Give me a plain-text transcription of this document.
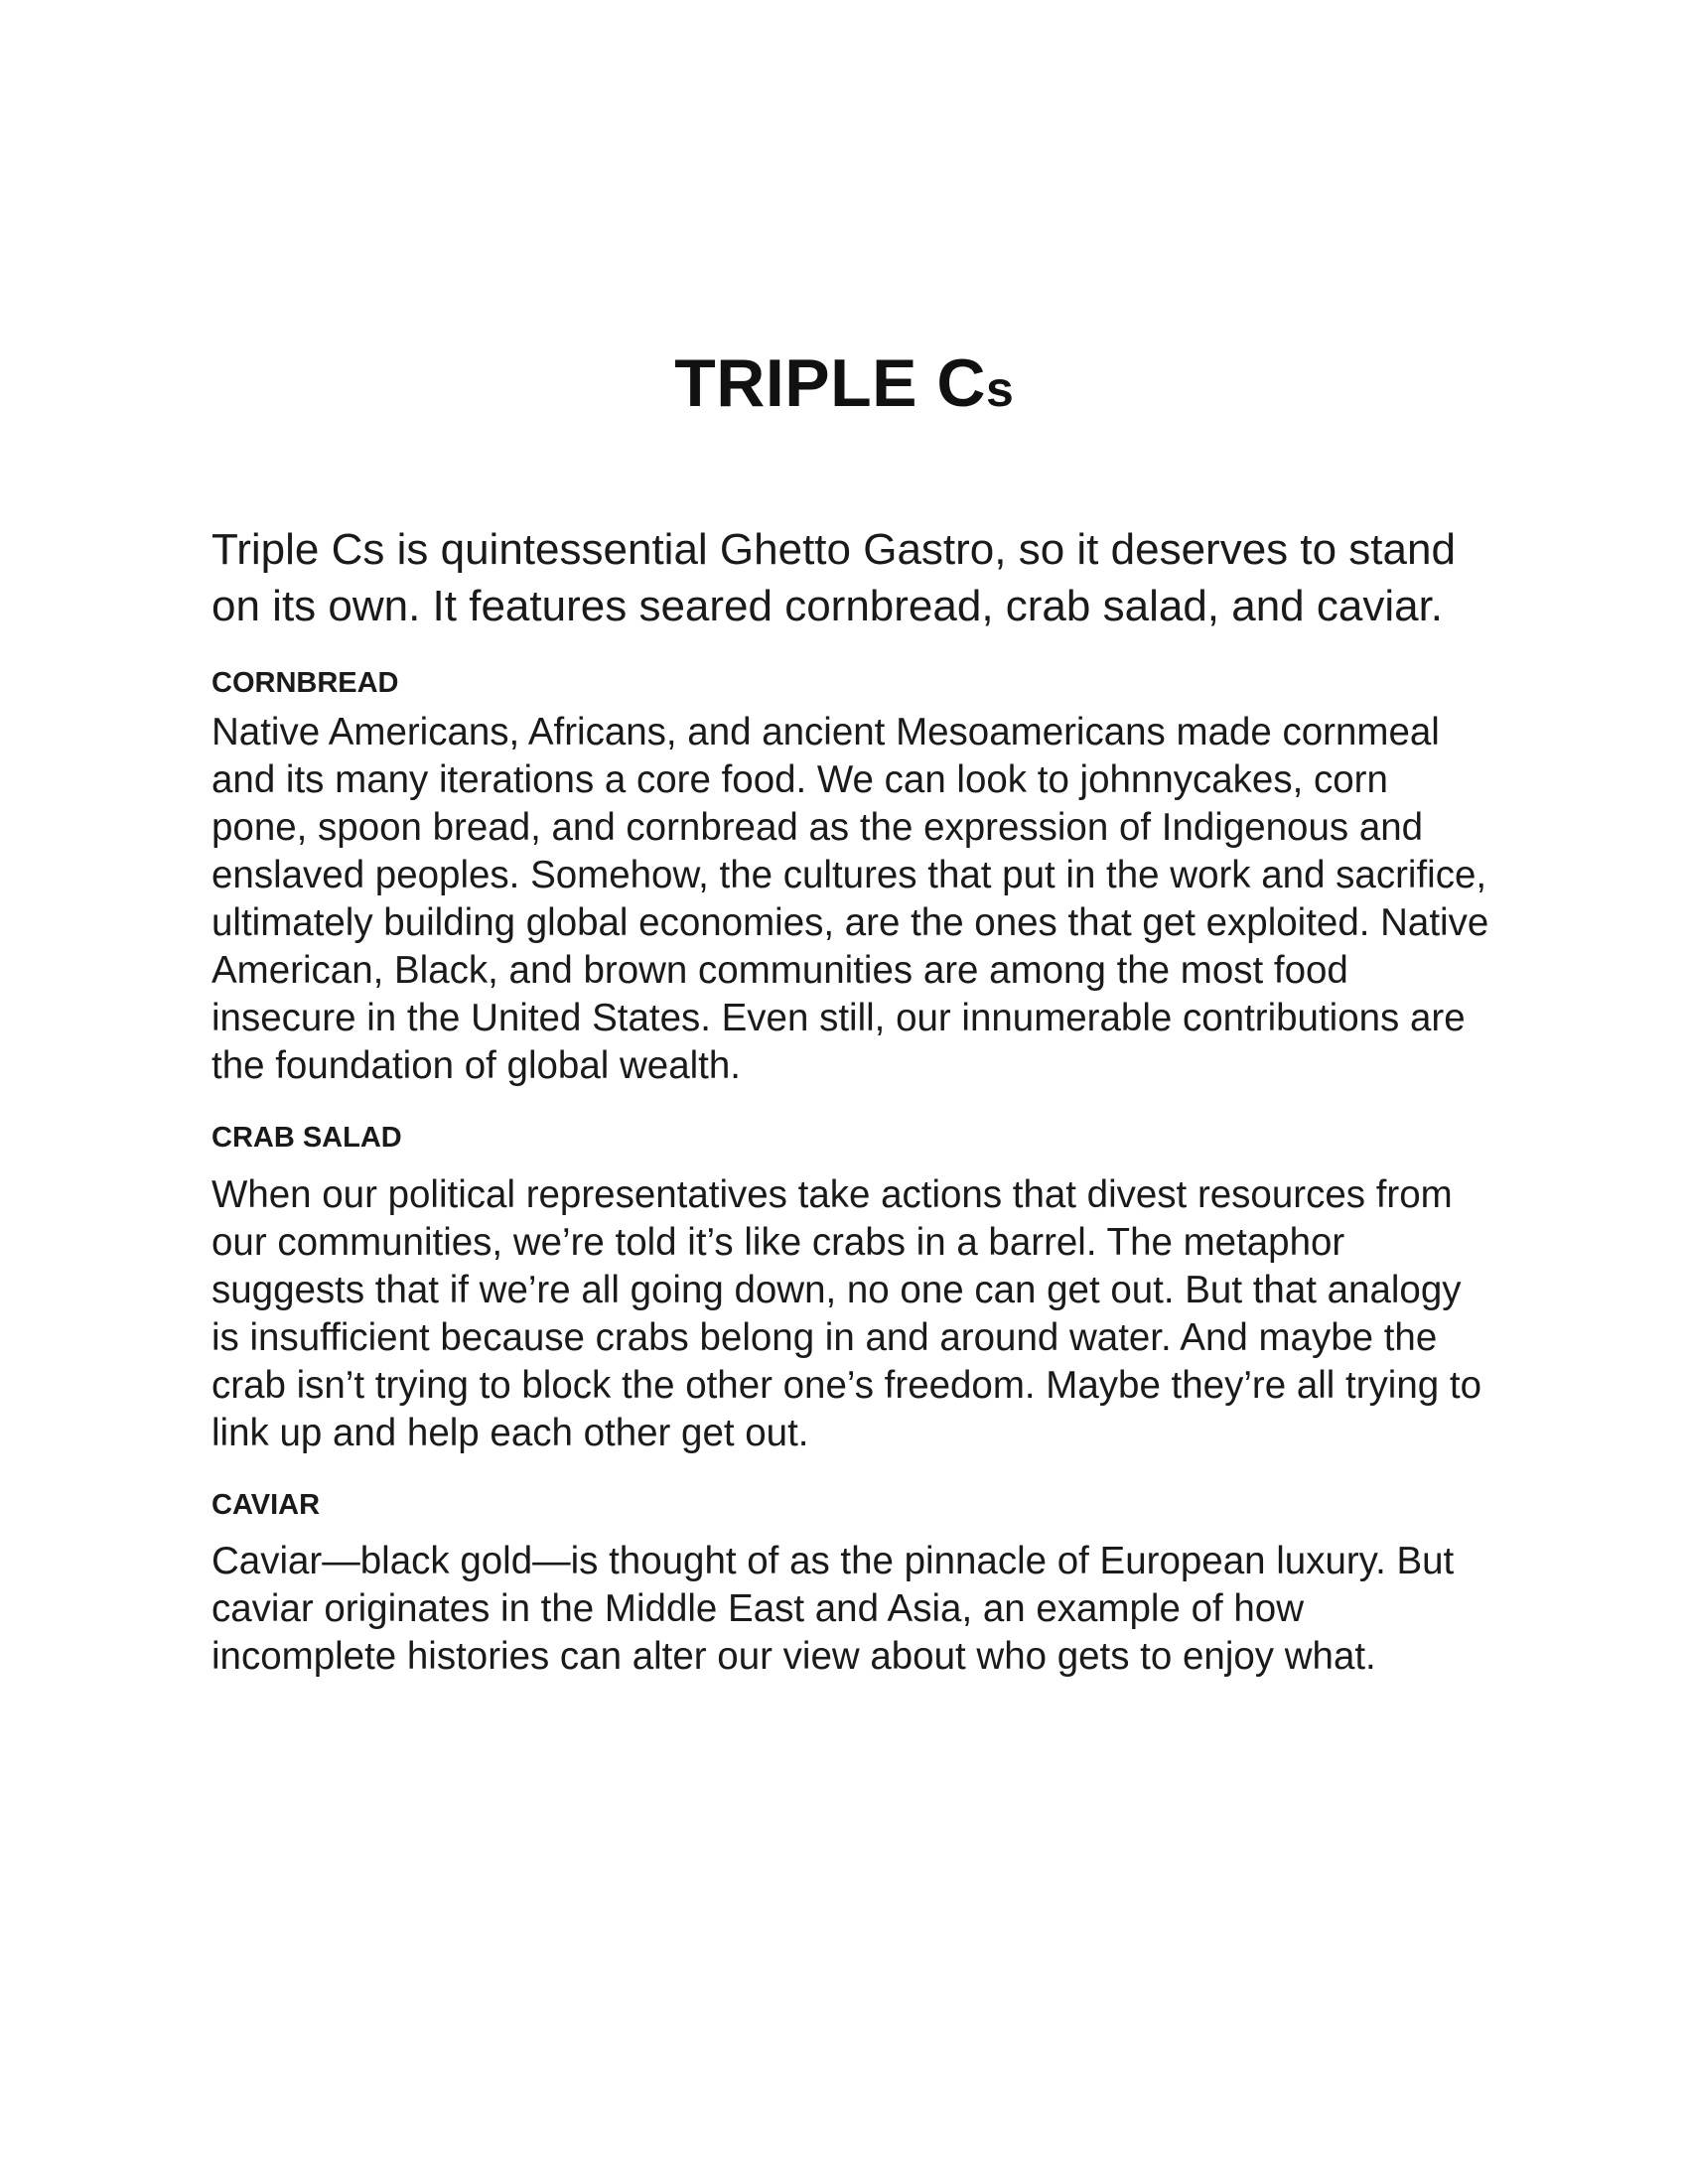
TRIPLE Cs

Triple Cs is quintessential Ghetto Gastro, so it deserves to stand on its own. It features seared cornbread, crab salad, and caviar.

CORNBREAD

Native Americans, Africans, and ancient Mesoamericans made cornmeal and its many iterations a core food. We can look to johnnycakes, corn pone, spoon bread, and cornbread as the expression of Indigenous and enslaved peoples. Somehow, the cultures that put in the work and sacrifice, ultimately building global economies, are the ones that get exploited. Native American, Black, and brown communities are among the most food insecure in the United States. Even still, our innumerable contributions are the foundation of global wealth.

CRAB SALAD

When our political representatives take actions that divest resources from our communities, we’re told it’s like crabs in a barrel. The metaphor suggests that if we’re all going down, no one can get out. But that analogy is insufficient because crabs belong in and around water. And maybe the crab isn’t trying to block the other one’s freedom. Maybe they’re all trying to link up and help each other get out.

CAVIAR

Caviar—black gold—is thought of as the pinnacle of European luxury. But caviar originates in the Middle East and Asia, an example of how incomplete histories can alter our view about who gets to enjoy what.
